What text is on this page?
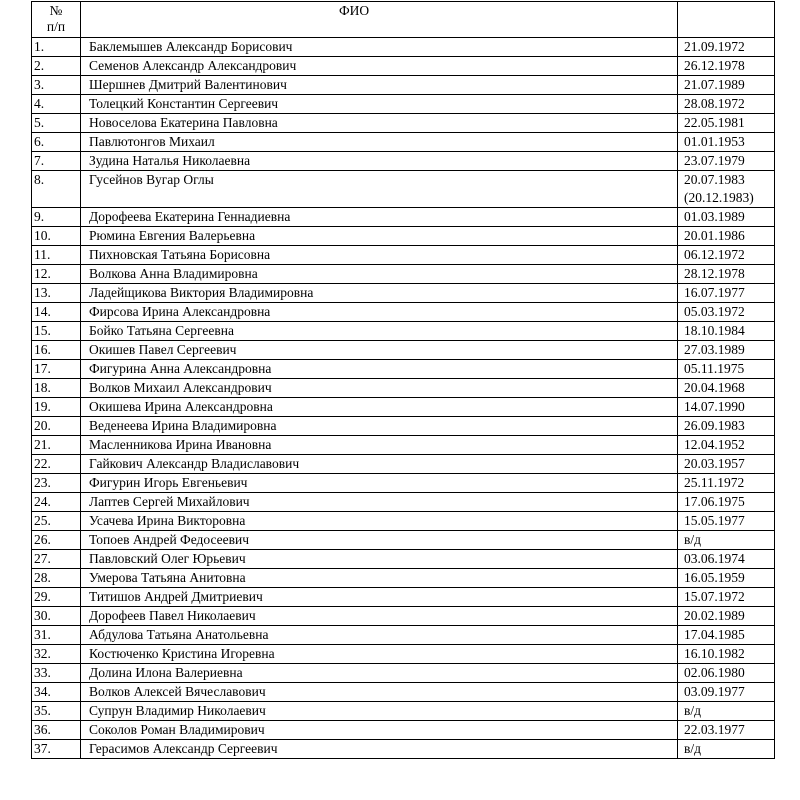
№
п/п	ФИО	
1.	Баклемышев Александр Борисович	21.09.1972

2.	Семенов Александр Александрович	26.12.1978

3.	Шершнев Дмитрий Валентинович	21.07.1989

4.	Толецкий Константин Сергеевич	28.08.1972

5.	Новоселова Екатерина Павловна	22.05.1981

6.	Павлютонгов Михаил	01.01.1953

7.	Зудина Наталья Николаевна	23.07.1979

8.	Гусейнов Вугар Оглы	20.07.1983
(20.12.1983)

9.	Дорофеева Екатерина Геннадиевна	01.03.1989

10.	Рюмина Евгения Валерьевна	20.01.1986

11.	Пихновская Татьяна Борисовна	06.12.1972

12.	Волкова Анна Владимировна	28.12.1978

13.	Ладейщикова Виктория Владимировна	16.07.1977

14.	Фирсова Ирина Александровна	05.03.1972

15.	Бойко Татьяна Сергеевна	18.10.1984

16.	Окишев Павел Сергеевич	27.03.1989

17.	Фигурина Анна Александровна	05.11.1975

18.	Волков Михаил Александрович	20.04.1968

19.	Окишева Ирина Александровна	14.07.1990

20.	Веденеева Ирина Владимировна	26.09.1983

21.	Масленникова Ирина Ивановна	12.04.1952

22.	Гайкович Александр Владиславович	20.03.1957

23.	Фигурин Игорь Евгеньевич	25.11.1972

24.	Лаптев Сергей Михайлович	17.06.1975

25.	Усачева Ирина Викторовна	15.05.1977

26.	Топоев Андрей Федосеевич	в/д

27.	Павловский Олег Юрьевич	03.06.1974

28.	Умерова Татьяна Анитовна	16.05.1959

29.	Титишов Андрей Дмитриевич	15.07.1972

30.	Дорофеев Павел Николаевич	20.02.1989

31.	Абдулова Татьяна Анатольевна	17.04.1985

32.	Костюченко Кристина Игоревна	16.10.1982

33.	Долина Илона Валериевна	02.06.1980

34.	Волков Алексей Вячеславович	03.09.1977

35.	Супрун Владимир Николаевич	в/д

36.	Соколов Роман Владимирович	22.03.1977

37.	Герасимов Александр Сергеевич	в/д
